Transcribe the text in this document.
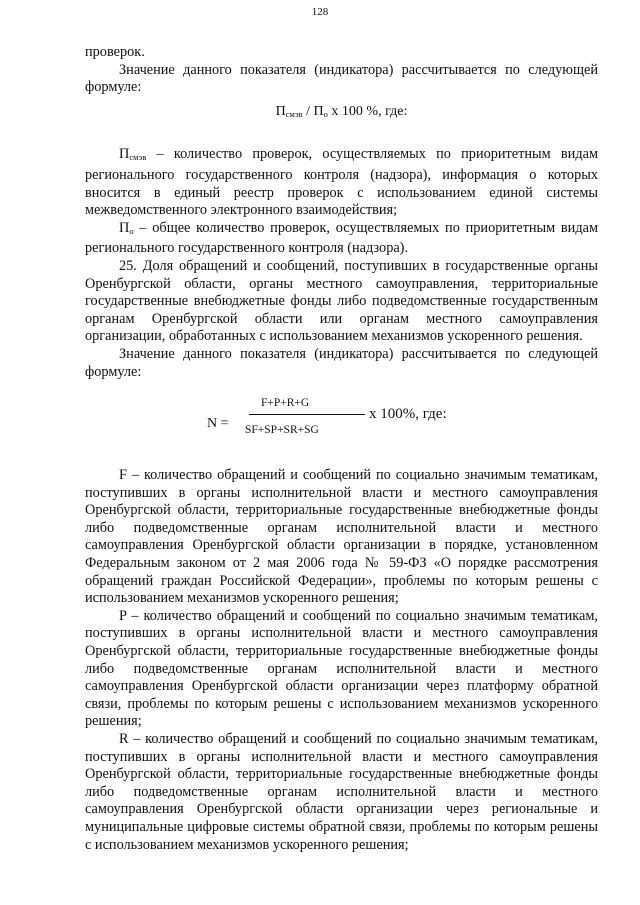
128

проверок.

Значение данного показателя (индикатора) рассчитывается по следующей формуле:

$П_{смэв} / П_о$ x 100 %, где:

$П_{смэв}$ – количество проверок, осуществляемых по приоритетным видам регионального государственного контроля (надзора), информация о которых вносится в единый реестр проверок с использованием единой системы межведомственного электронного взаимодействия;

$П_о$ – общее количество проверок, осуществляемых по приоритетным видам регионального государственного контроля (надзора).

25. Доля обращений и сообщений, поступивших в государственные органы Оренбургской области, органы местного самоуправления, территориальные государственные внебюджетные фонды либо подведомственные государственным органам Оренбургской области или органам местного самоуправления организации, обработанных с использованием механизмов ускоренного решения.

Значение данного показателя (индикатора) рассчитывается по следующей формуле:

N =
F+P+R+G
SF+SP+SR+SG
x 100%, где:

F – количество обращений и сообщений по социально значимым тематикам, поступивших в органы исполнительной власти и местного самоуправления Оренбургской области, территориальные государственные внебюджетные фонды либо подведомственные органам исполнительной власти и местного самоуправления Оренбургской области организации в порядке, установленном Федеральным законом от 2 мая 2006 года № 59-ФЗ «О порядке рассмотрения обращений граждан Российской Федерации», проблемы по которым решены с использованием механизмов ускоренного решения;

P – количество обращений и сообщений по социально значимым тематикам, поступивших в органы исполнительной власти и местного самоуправления Оренбургской области, территориальные государственные внебюджетные фонды либо подведомственные органам исполнительной власти и местного самоуправления Оренбургской области организации через платформу обратной связи, проблемы по которым решены с использованием механизмов ускоренного решения;

R – количество обращений и сообщений по социально значимым тематикам, поступивших в органы исполнительной власти и местного самоуправления Оренбургской области, территориальные государственные внебюджетные фонды либо подведомственные органам исполнительной власти и местного самоуправления Оренбургской области организации через региональные и муниципальные цифровые системы обратной связи, проблемы по которым решены с использованием механизмов ускоренного решения;
